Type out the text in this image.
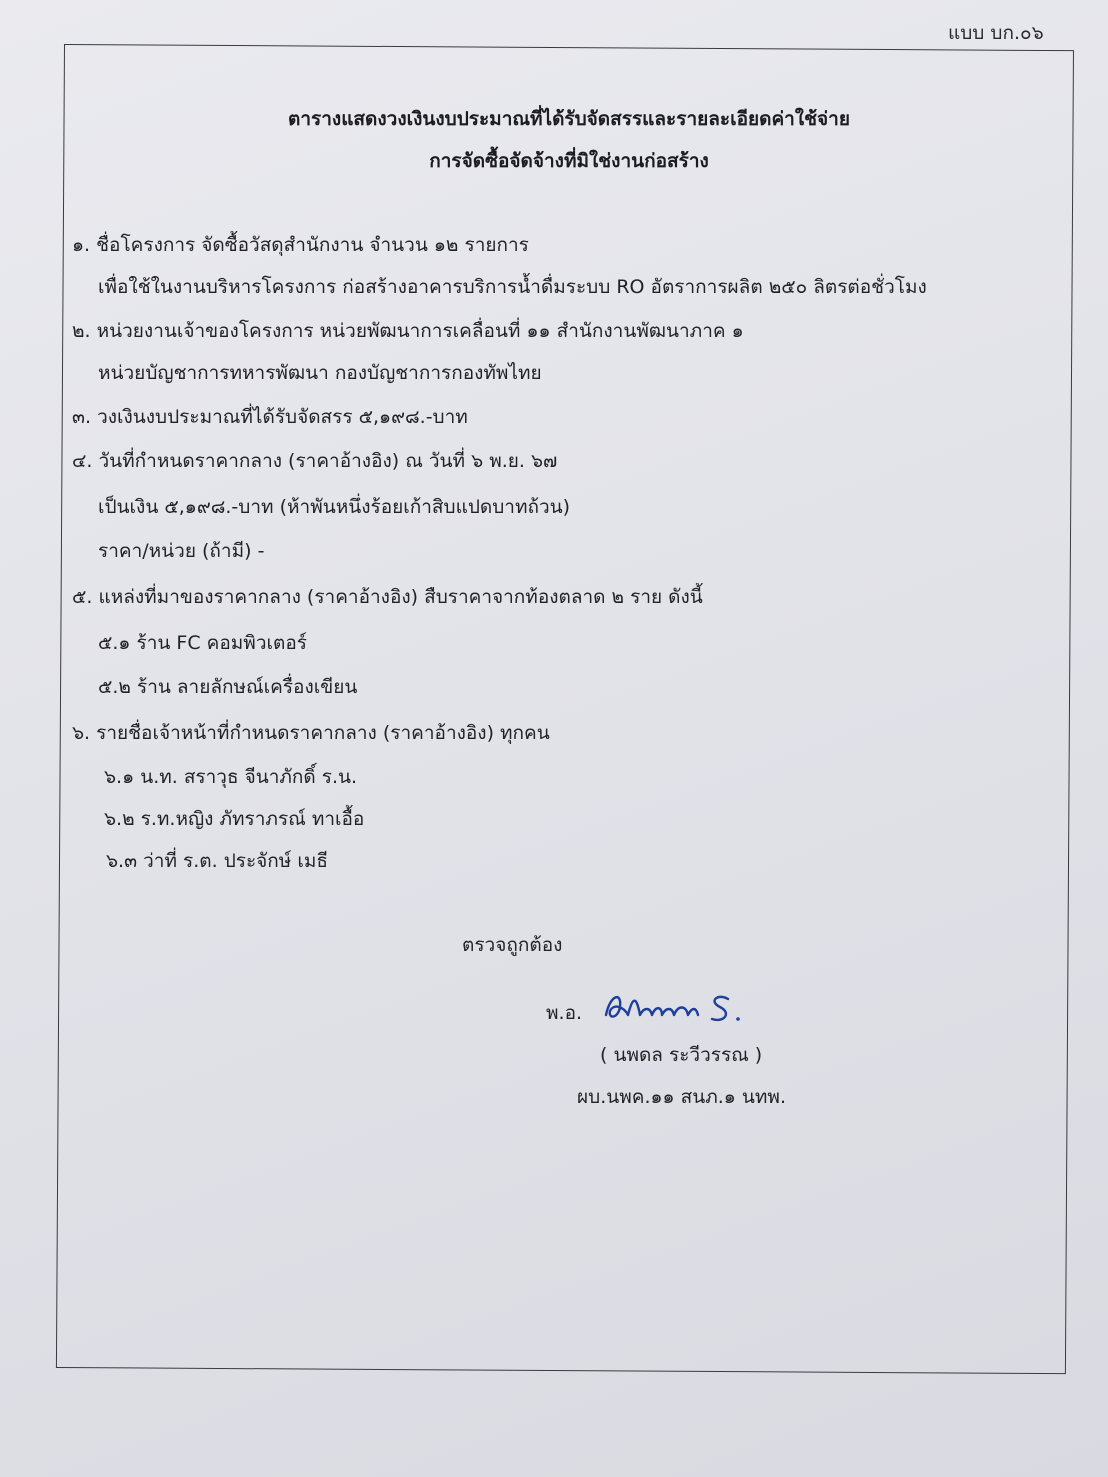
แบบ บก.๐๖
ตารางแสดงวงเงินงบประมาณที่ได้รับจัดสรรและรายละเอียดค่าใช้จ่าย
การจัดซื้อจัดจ้างที่มิใช่งานก่อสร้าง
๑. ชื่อโครงการ จัดซื้อวัสดุสำนักงาน จำนวน ๑๒ รายการ
เพื่อใช้ในงานบริหารโครงการ ก่อสร้างอาคารบริการน้ำดื่มระบบ RO อัตราการผลิต ๒๕๐ ลิตรต่อชั่วโมง
๒. หน่วยงานเจ้าของโครงการ หน่วยพัฒนาการเคลื่อนที่ ๑๑ สำนักงานพัฒนาภาค ๑
หน่วยบัญชาการทหารพัฒนา กองบัญชาการกองทัพไทย
๓. วงเงินงบประมาณที่ได้รับจัดสรร ๕,๑๙๘.-บาท
๔. วันที่กำหนดราคากลาง (ราคาอ้างอิง) ณ วันที่ ๖ พ.ย. ๖๗
เป็นเงิน ๕,๑๙๘.-บาท (ห้าพันหนึ่งร้อยเก้าสิบแปดบาทถ้วน)
ราคา/หน่วย (ถ้ามี) -
๕. แหล่งที่มาของราคากลาง (ราคาอ้างอิง) สืบราคาจากท้องตลาด ๒ ราย ดังนี้
๕.๑ ร้าน FC คอมพิวเตอร์
๕.๒ ร้าน ลายลักษณ์เครื่องเขียน
๖. รายชื่อเจ้าหน้าที่กำหนดราคากลาง (ราคาอ้างอิง) ทุกคน
๖.๑ น.ท. สราวุธ จีนาภักดิ์ ร.น.
๖.๒ ร.ท.หญิง ภัทราภรณ์ ทาเอื้อ
๖.๓ ว่าที่ ร.ต. ประจักษ์ เมธี
ตรวจถูกต้อง
พ.อ.
( นพดล ระวีวรรณ )
ผบ.นพค.๑๑ สนภ.๑ นทพ.
